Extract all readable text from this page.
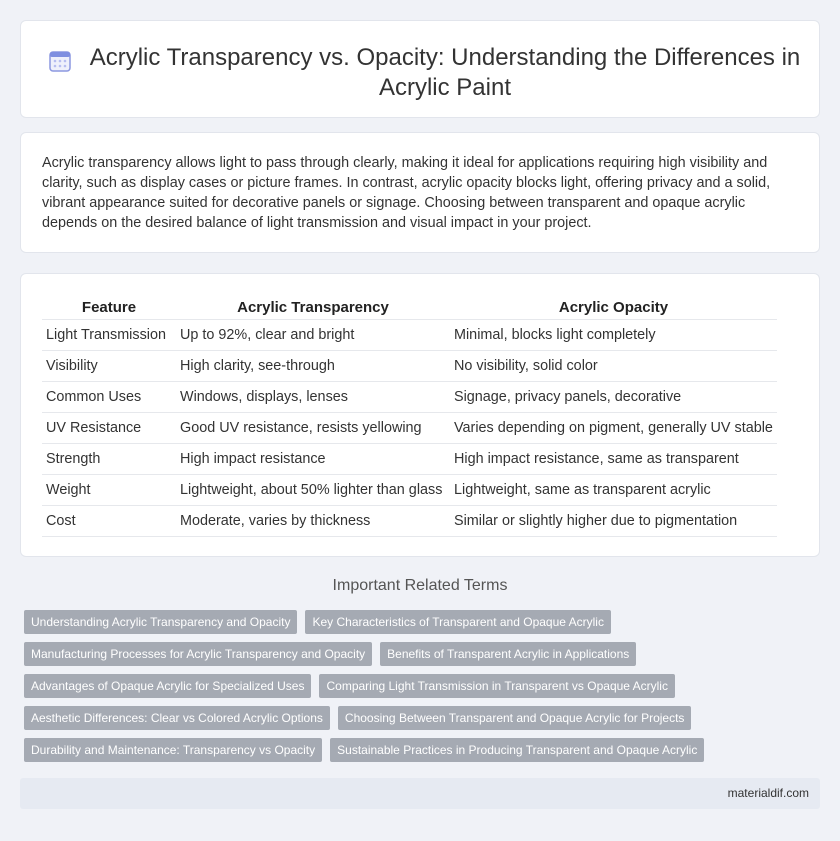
Acrylic Transparency vs. Opacity: Understanding the Differences in Acrylic Paint

Acrylic transparency allows light to pass through clearly, making it ideal for applications requiring high visibility and clarity, such as display cases or picture frames. In contrast, acrylic opacity blocks light, offering privacy and a solid, vibrant appearance suited for decorative panels or signage. Choosing between transparent and opaque acrylic depends on the desired balance of light transmission and visual impact in your project.

Feature	Acrylic Transparency	Acrylic Opacity
Light Transmission	Up to 92%, clear and bright	Minimal, blocks light completely
Visibility	High clarity, see-through	No visibility, solid color
Common Uses	Windows, displays, lenses	Signage, privacy panels, decorative
UV Resistance	Good UV resistance, resists yellowing	Varies depending on pigment, generally UV stable
Strength	High impact resistance	High impact resistance, same as transparent
Weight	Lightweight, about 50% lighter than glass	Lightweight, same as transparent acrylic
Cost	Moderate, varies by thickness	Similar or slightly higher due to pigmentation
Important Related Terms
Understanding Acrylic Transparency and Opacity	Key Characteristics of Transparent and Opaque Acrylic
Manufacturing Processes for Acrylic Transparency and Opacity	Benefits of Transparent Acrylic in Applications
Advantages of Opaque Acrylic for Specialized Uses	Comparing Light Transmission in Transparent vs Opaque Acrylic
Aesthetic Differences: Clear vs Colored Acrylic Options	Choosing Between Transparent and Opaque Acrylic for Projects
Durability and Maintenance: Transparency vs Opacity	Sustainable Practices in Producing Transparent and Opaque Acrylic
materialdif.com
